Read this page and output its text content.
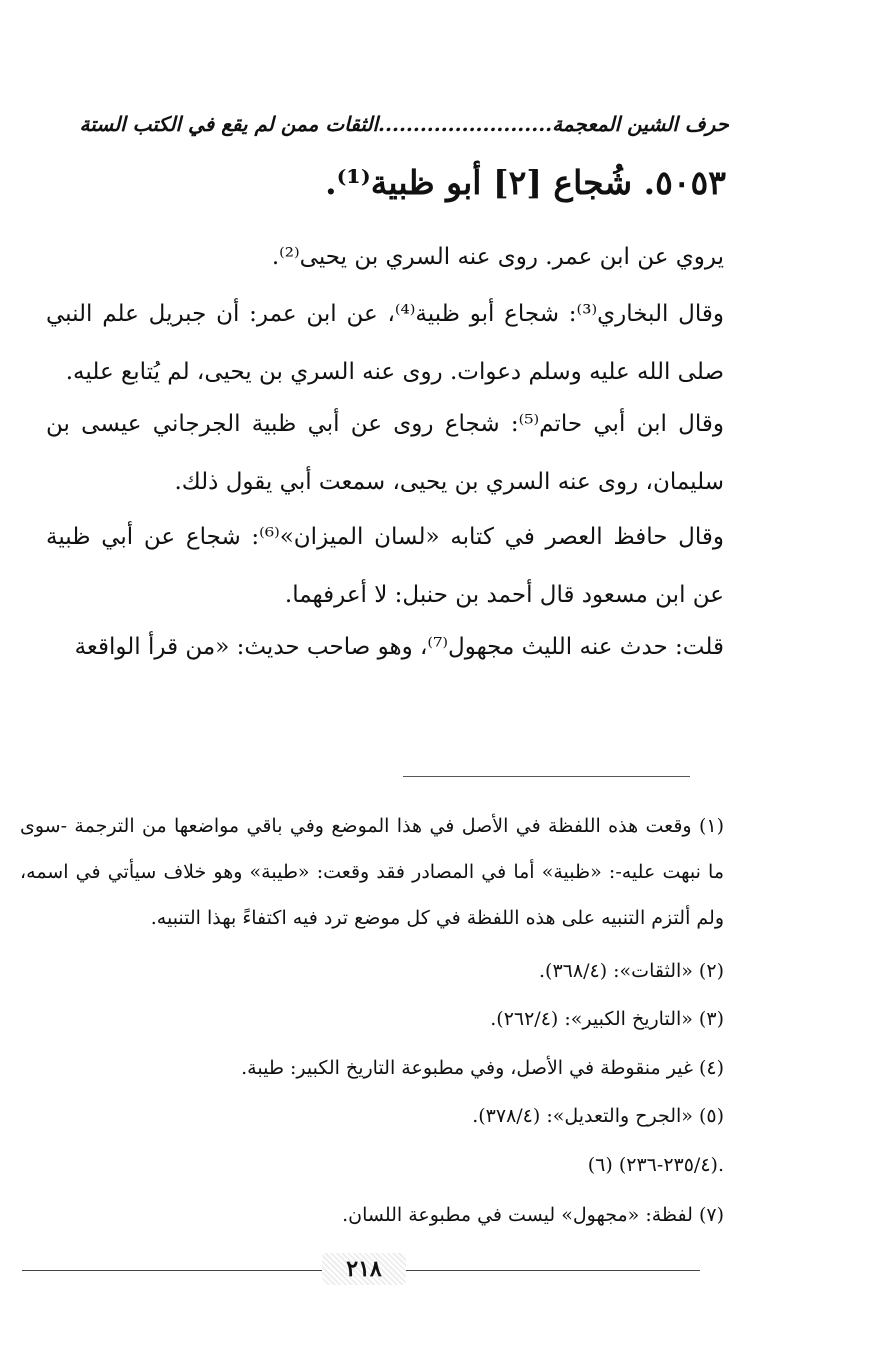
حرف الشين المعجمة.........................الثقات ممن لم يقع في الكتب الستة
٥٠٥٣. شُجاع [٢] أبو ظبية⁽¹⁾.
يروي عن ابن عمر. روى عنه السري بن يحيى⁽²⁾.
وقال البخاري⁽³⁾: شجاع أبو ظبية⁽⁴⁾، عن ابن عمر: أن جبريل علم النبي صلى الله عليه وسلم دعوات. روى عنه السري بن يحيى، لم يُتابع عليه.
وقال ابن أبي حاتم⁽⁵⁾: شجاع روى عن أبي ظبية الجرجاني عيسى بن سليمان، روى عنه السري بن يحيى، سمعت أبي يقول ذلك.
وقال حافظ العصر في كتابه «لسان الميزان»⁽⁶⁾: شجاع عن أبي ظبية عن ابن مسعود قال أحمد بن حنبل: لا أعرفهما.
قلت: حدث عنه الليث مجهول⁽⁷⁾، وهو صاحب حديث: «من قرأ الواقعة
(١) وقعت هذه اللفظة في الأصل في هذا الموضع وفي باقي مواضعها من الترجمة -سوى ما نبهت عليه-: «ظبية» أما في المصادر فقد وقعت: «طيبة» وهو خلاف سيأتي في اسمه، ولم ألتزم التنبيه على هذه اللفظة في كل موضع ترد فيه اكتفاءً بهذا التنبيه.
(٢) «الثقات»: (٣٦٨/٤).
(٣) «التاريخ الكبير»: (٢٦٢/٤).
(٤) غير منقوطة في الأصل، وفي مطبوعة التاريخ الكبير: طيبة.
(٥) «الجرح والتعديل»: (٣٧٨/٤).
(٦) (٢٣٥/٤-٢٣٦).
(٧) لفظة: «مجهول» ليست في مطبوعة اللسان.
٢١٨
